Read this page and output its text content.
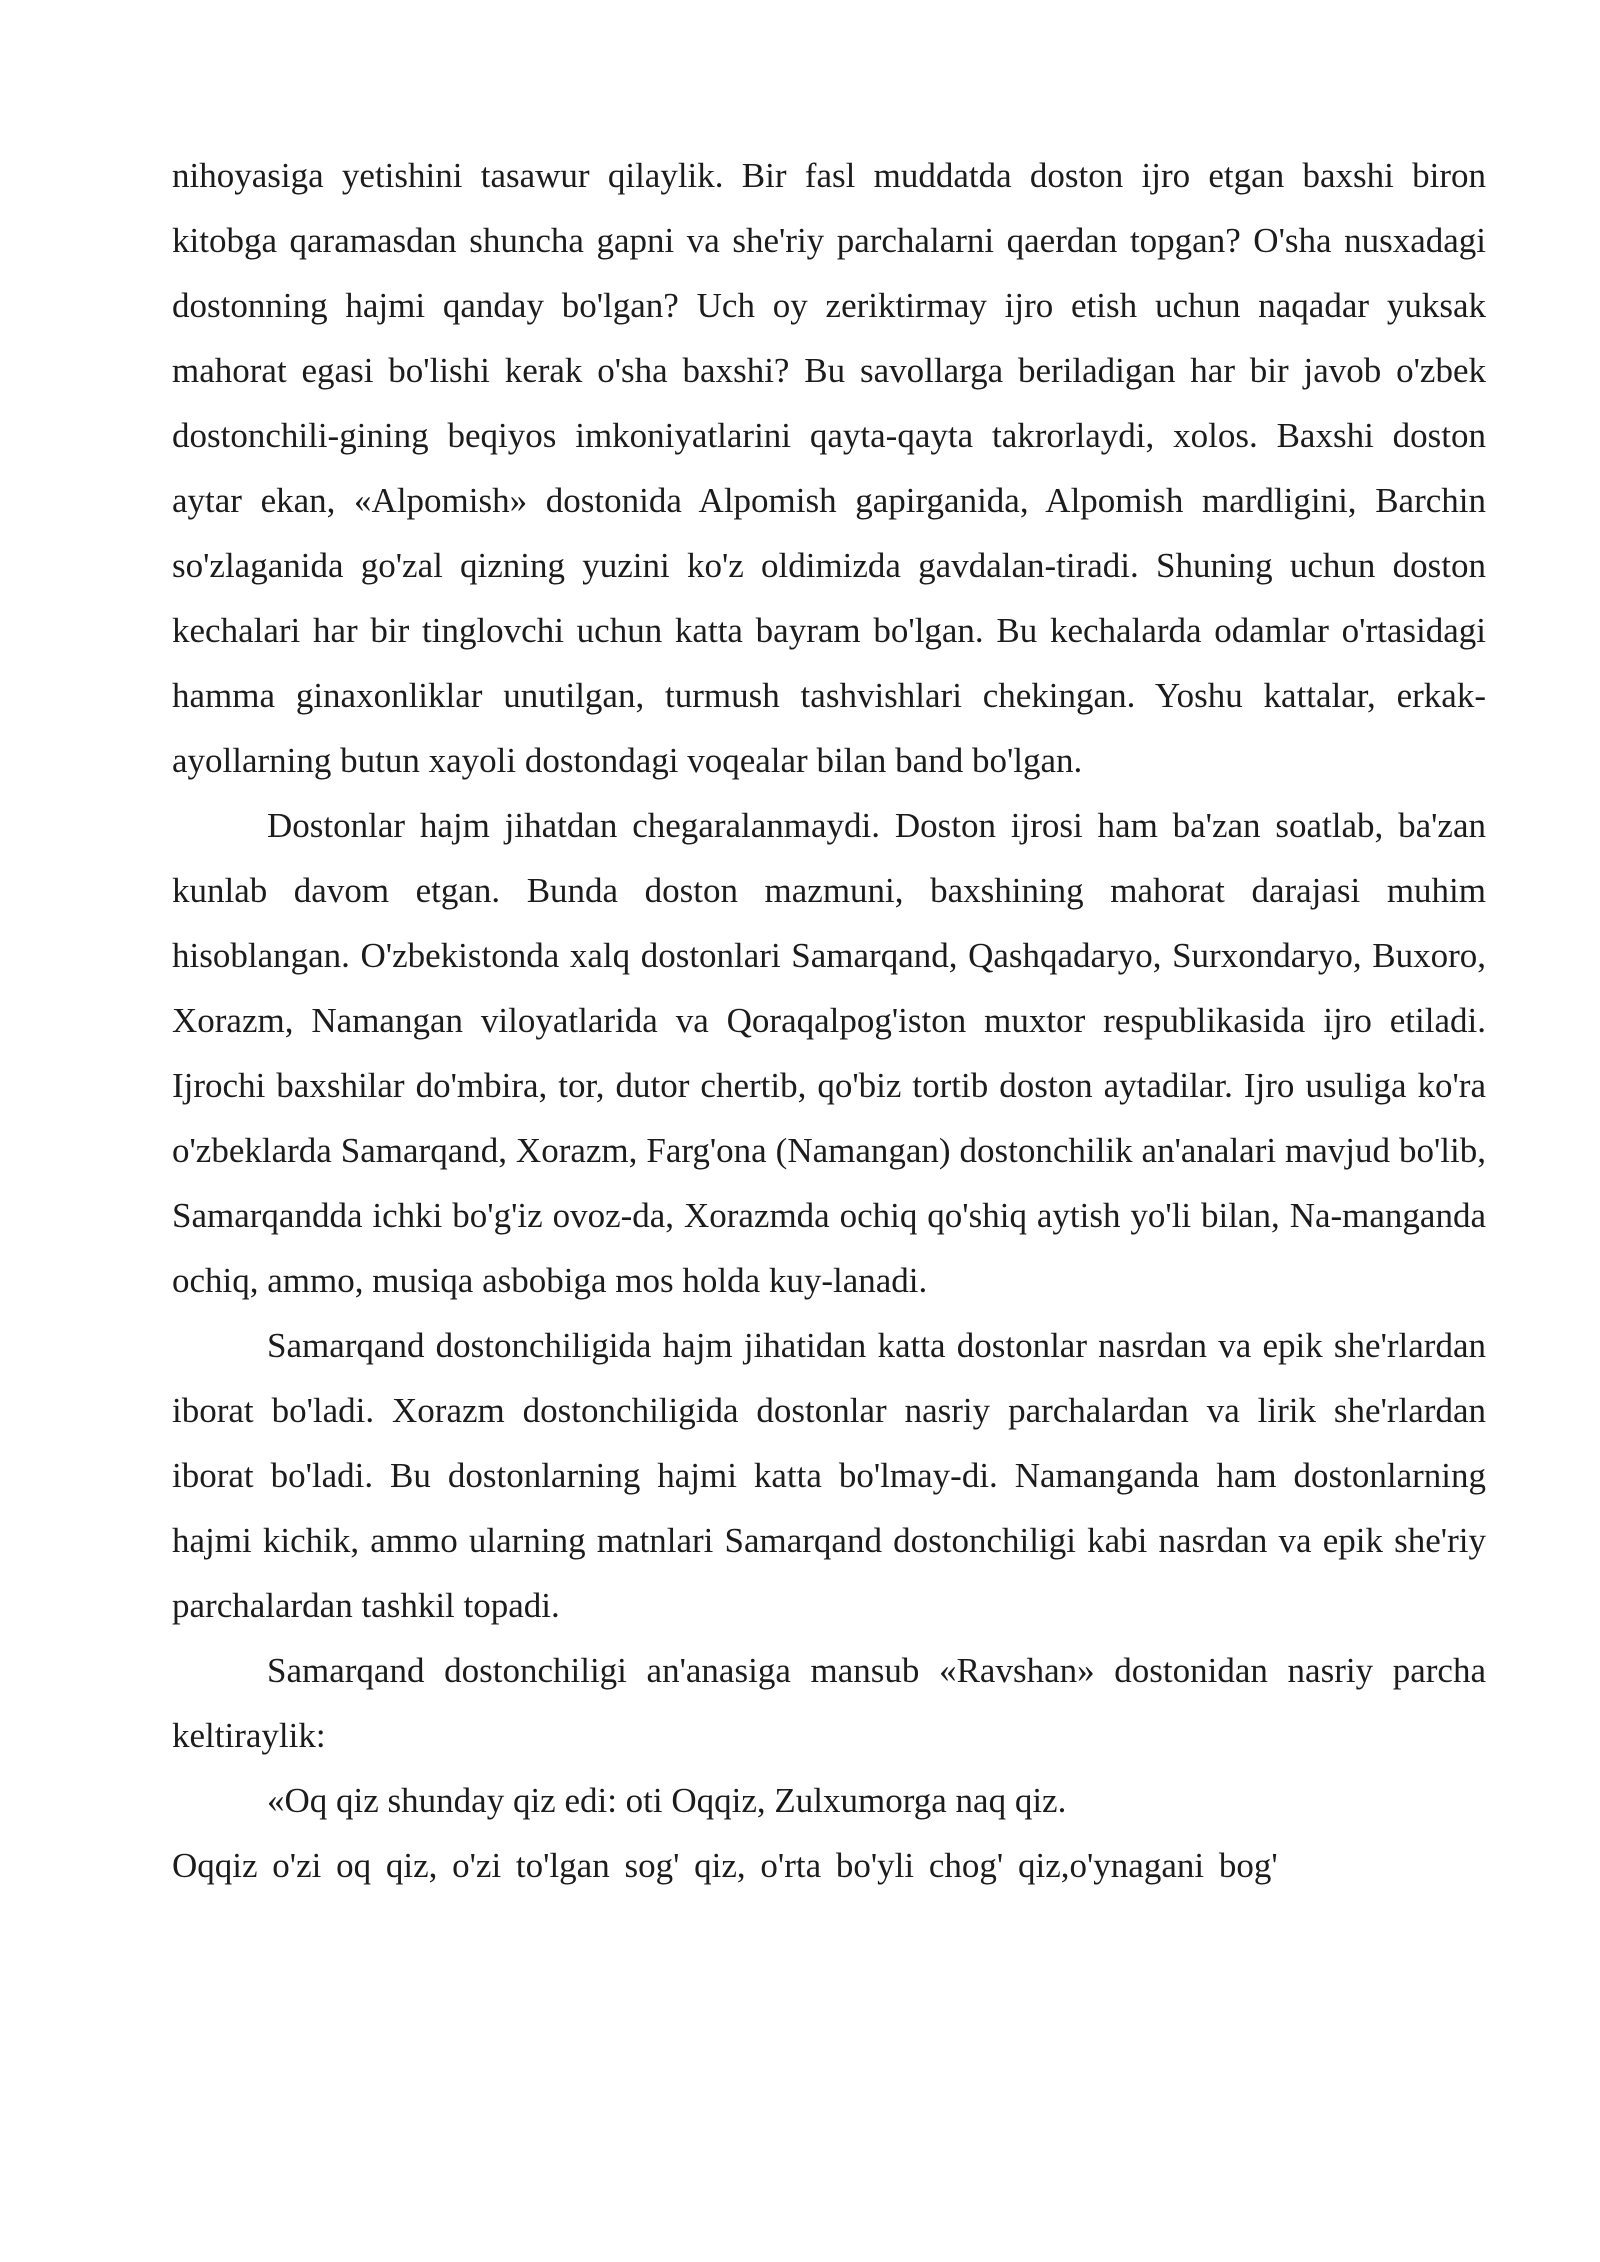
nihoyasiga yetishini tasawur qilaylik. Bir fasl muddatda doston ijro etgan baxshi biron kitobga qaramasdan shuncha gapni va she'riy parchalarni qaerdan topgan? O'sha nusxadagi dostonning hajmi qanday bo'lgan? Uch oy zeriktirmay ijro etish uchun naqadar yuksak mahorat egasi bo'lishi kerak o'sha baxshi? Bu savollarga beriladigan har bir javob o'zbek dostonchili-gining beqiyos imkoniyatlarini qayta-qayta takrorlaydi, xolos. Baxshi doston aytar ekan, «Alpomish» dostonida Alpomish gapirganida, Alpomish mardligini, Barchin so'zlaganida go'zal qizning yuzini ko'z oldimizda gavdalan-tiradi. Shuning uchun doston kechalari har bir tinglovchi uchun katta bayram bo'lgan. Bu kechalarda odamlar o'rtasidagi hamma ginaxonliklar unutilgan, turmush tashvishlari chekingan. Yoshu kattalar, erkak-ayollarning butun xayoli dostondagi voqealar bilan band bo'lgan.

Dostonlar hajm jihatdan chegaralanmaydi. Doston ijrosi ham ba'zan soatlab, ba'zan kunlab davom etgan. Bunda doston mazmuni, baxshining mahorat darajasi muhim hisoblangan. O'zbekistonda xalq dostonlari Samarqand, Qashqadaryo, Surxondaryo, Buxoro, Xorazm, Namangan viloyatlarida va Qoraqalpog'iston muxtor respublikasida ijro etiladi. Ijrochi baxshilar do'mbira, tor, dutor chertib, qo'biz tortib doston aytadilar. Ijro usuliga ko'ra o'zbeklarda Samarqand, Xorazm, Farg'ona (Namangan) dostonchilik an'analari mavjud bo'lib, Samarqandda ichki bo'g'iz ovoz-da, Xorazmda ochiq qo'shiq aytish yo'li bilan, Na-manganda ochiq, ammo, musiqa asbobiga mos holda kuy-lanadi.

Samarqand dostonchiligida hajm jihatidan katta dostonlar nasrdan va epik she'rlardan iborat bo'ladi. Xorazm dostonchiligida dostonlar nasriy parchalardan va lirik she'rlardan iborat bo'ladi. Bu dostonlarning hajmi katta bo'lmay-di. Namanganda ham dostonlarning hajmi kichik, ammo ularning matnlari Samarqand dostonchiligi kabi nasrdan va epik she'riy parchalardan tashkil topadi.

Samarqand dostonchiligi an'anasiga mansub «Ravshan» dostonidan nasriy parcha keltiraylik:

«Oq qiz shunday qiz edi: oti Oqqiz, Zulxumorga naq qiz.

Oqqiz o'zi oq qiz, o'zi to'lgan sog' qiz, o'rta bo'yli chog' qiz,o'ynagani bog'
